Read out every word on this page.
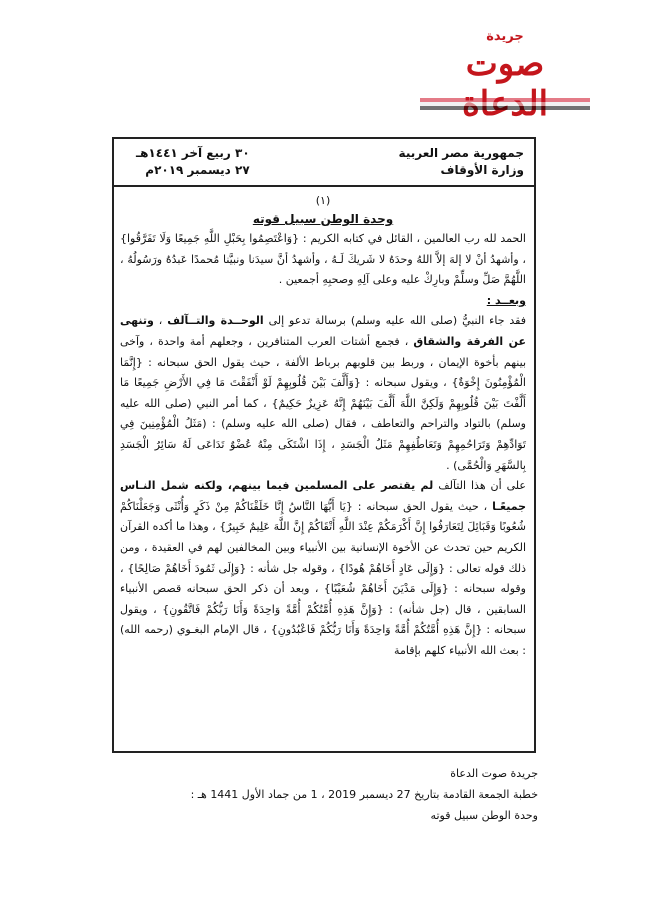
جريدة
صوت
جمهورية مصر العربية
وزارة الأوقاف
٣٠ ربيع آخر ١٤٤١هـ
٢٧ ديسمبر ٢٠١٩م
(١)
وحدة الوطن سبيل قوته

الحمد لله رب العالمين ، القائل في كتابه الكريم : {وَاعْتَصِمُوا بِحَبْلِ اللَّهِ جَمِيعًا وَلَا تَفَرَّقُوا} ، وأشهدُ أنْ لا إلهَ إلاَّ اللهُ وحدَهُ لا شَريكَ لَـهُ ، وأشهدُ أنَّ سيدَنا ونبيَّنا مُحمدًا عَبدُهُ ورَسُولُهُ ، اللَّهُمَّ صَلِّ وسلِّمْ وبارِكْ عليه وعلى آلِهِ وصحبِهِ أجمعين .

وبعــد :

فقد جاء النبيُّ (صلى الله عليه وسلم) برسالة تدعو إلى الوحــدة والتــآلف ، وتنهى عن الفرقة والشقاق ، فجمع أشتات العرب المتنافرين ، وجعلهم أمة واحدة ، وآخى بينهم بأخوة الإيمان ، وربط بين قلوبهم برباط الألفة ، حيث يقول الحق سبحانه : {إِنَّمَا الْمُؤْمِنُونَ إِخْوَةٌ} ، ويقول سبحانه : {وَأَلَّفَ بَيْنَ قُلُوبِهِمْ لَوْ أَنْفَقْتَ مَا فِي الأَرْضِ جَمِيعًا مَا أَلَّفْتَ بَيْنَ قُلُوبِهِمْ وَلَكِنَّ اللَّهَ أَلَّفَ بَيْنَهُمْ إِنَّهُ عَزِيزٌ حَكِيمٌ} ، كما أمر النبي (صلى الله عليه وسلم) بالتواد والتراحم والتعاطف ، فقال (صلى الله عليه وسلم) : (مَثَلُ الْمُؤْمِنِينَ فِي تَوَادِّهِمْ وَتَرَاحُمِهِمْ وَتَعَاطُفِهِمْ مَثَلُ الْجَسَدِ ، إِذَا اشْتَكَى مِنْهُ عُضْوٌ تَدَاعَى لَهُ سَائِرُ الْجَسَدِ بِالسَّهَرِ وَالْحُمَّى) .

على أن هذا التآلف لم يقتصر على المسلمين فيما بينهم، ولكنه شمل النـاس جميعًـا ، حيث يقول الحق سبحانه : {يَا أَيُّهَا النَّاسُ إِنَّا خَلَقْنَاكُمْ مِنْ ذَكَرٍ وَأُنْثَى وَجَعَلْنَاكُمْ شُعُوبًا وَقَبَائِلَ لِتَعَارَفُوا إِنَّ أَكْرَمَكُمْ عِنْدَ اللَّهِ أَتْقَاكُمْ إِنَّ اللَّهَ عَلِيمٌ خَبِيرٌ} ، وهذا ما أكده القرآن الكريم حين تحدث عن الأخوة الإنسانية بين الأنبياء وبين المخالفين لهم في العقيدة ، ومن ذلك قوله تعالى : {وَإِلَى عَادٍ أَخَاهُمْ هُودًا} ، وقوله جل شأنه : {وَإِلَى ثَمُودَ أَخَاهُمْ صَالِحًا} ، وقوله سبحانه : {وَإِلَى مَدْيَنَ أَخَاهُمْ شُعَيْبًا} ، وبعد أن ذكر الحق سبحانه قصص الأنبياء السابقين ، قال (جل شأنه) : {وَإِنَّ هَذِهِ أُمَّتُكُمْ أُمَّةً وَاحِدَةً وَأَنَا رَبُّكُمْ فَاتَّقُونِ} ، ويقول سبحانه : {إِنَّ هَذِهِ أُمَّتُكُمْ أُمَّةً وَاحِدَةً وَأَنَا رَبُّكُمْ فَاعْبُدُونِ} ، قال الإمام البغـوي (رحمه الله) : بعث الله الأنبياء كلهم بإقامة

جريدة صوت الدعاة
خطبة الجمعة القادمة بتاريخ 27 ديسمبر 2019 ، 1 من جماد الأول 1441 هـ :
وحدة الوطن سبيل قوته
